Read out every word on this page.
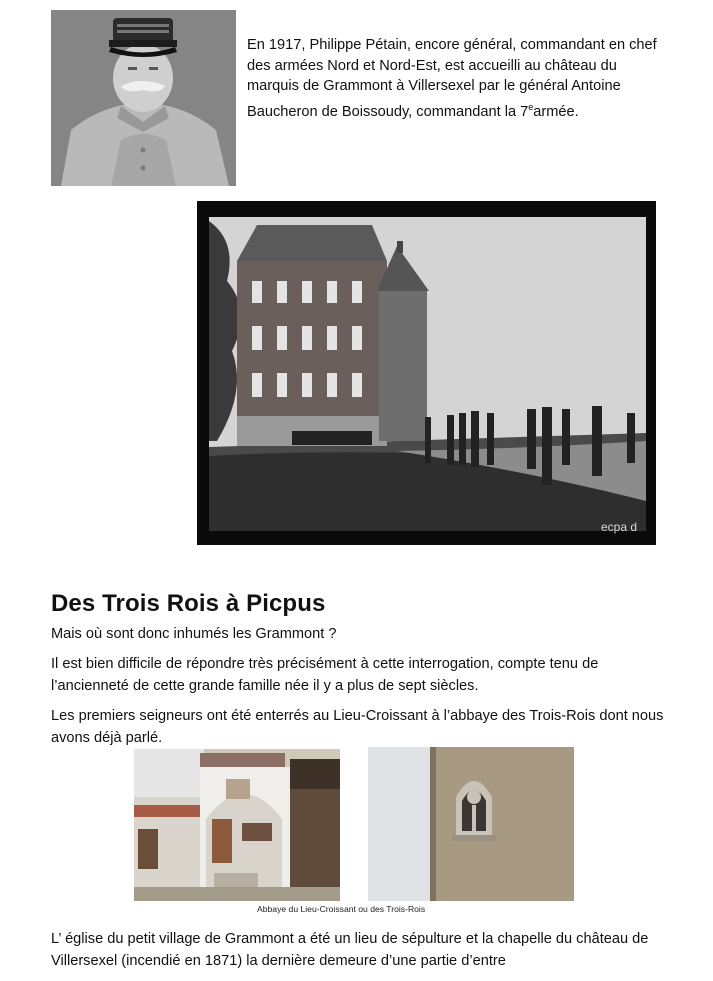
En 1917, Philippe Pétain, encore général, commandant en chef des armées Nord et Nord-Est, est accueilli au château du marquis de Grammont à Villersexel par le général Antoine Baucheron de Boissoudy, commandant la 7earmée.
ecpa d
Des Trois Rois à Picpus
Mais où sont donc inhumés les Grammont ?
Il est bien difficile de répondre très précisément à cette interrogation, compte tenu de l’ancienneté de cette grande famille née il y a plus de sept siècles.
Les premiers seigneurs ont été enterrés au Lieu-Croissant à l’abbaye des Trois-Rois dont nous avons déjà parlé.
Abbaye du Lieu-Croissant ou des Trois-Rois
L’ église du petit village de Grammont a été un lieu de sépulture et la chapelle du château de Villersexel (incendié en 1871) la dernière demeure d’une partie d’entre
